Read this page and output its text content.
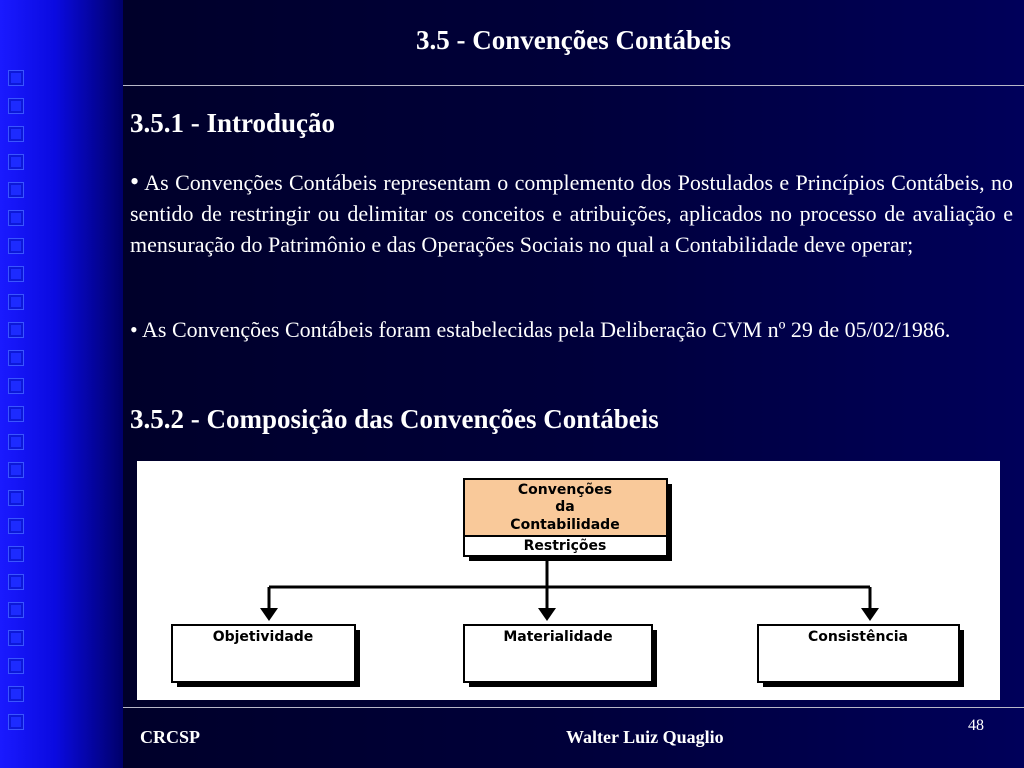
3.5 - Convenções Contábeis
3.5.1 - Introdução
• As Convenções Contábeis representam o complemento dos Postulados e Princípios Contábeis, no sentido de restringir ou delimitar os conceitos e atribuições, aplicados no processo de avaliação e mensuração do Patrimônio e das Operações Sociais no qual a Contabilidade deve operar;
• As Convenções Contábeis foram estabelecidas pela Deliberação CVM nº 29 de 05/02/1986.
3.5.2 - Composição das Convenções Contábeis
Convenções
da
Contabilidade
Restrições
Objetividade	Materialidade	Consistência
CRCSP	Walter Luiz Quaglio
48
